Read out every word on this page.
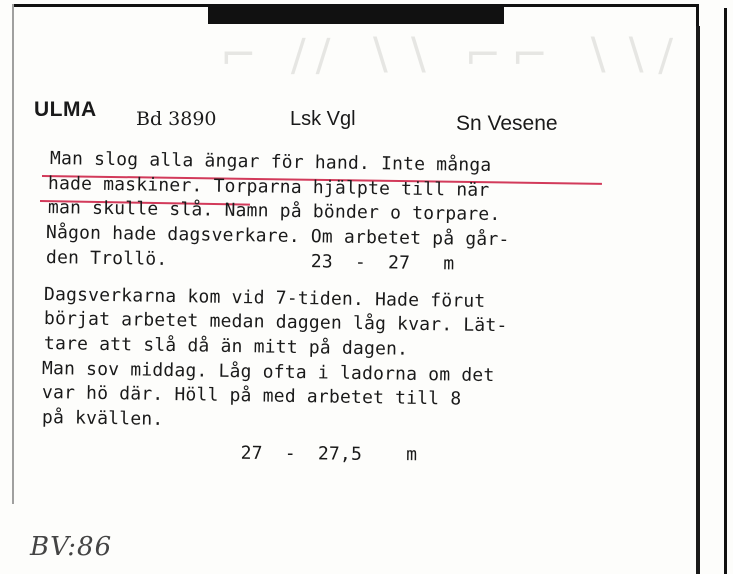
⌐ ∕∕ ∖∖ ⌐⌐ ∖∖∕
ULMA Bd 3890	Lsk Vgl	Sn Vesene
Man slog alla ängar för hand. Inte många
hade maskiner. Torparna hjälpte till när
man skulle slå. Namn på bönder o torpare.
Någon hade dagsverkare. Om arbetet på går-
den Trollö.             23  -  27   m
Dagsverkarna kom vid 7-tiden. Hade förut
börjat arbetet medan daggen låg kvar. Lät-
tare att slå då än mitt på dagen.
Man sov middag. Låg ofta i ladorna om det
var hö där. Höll på med arbetet till 8
på kvällen.
27  -  27,5    m
BV:86
